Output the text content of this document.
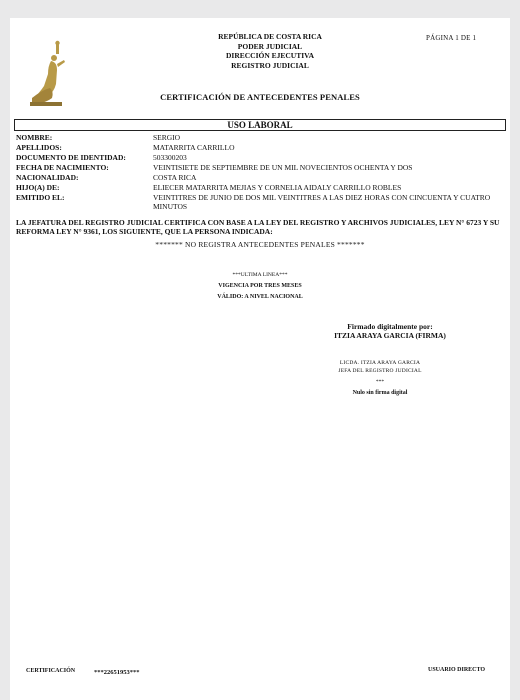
REPÚBLICA DE COSTA RICA
PODER JUDICIAL
DIRECCIÓN EJECUTIVA
REGISTRO JUDICIAL
PÁGINA 1 DE 1
CERTIFICACIÓN DE ANTECEDENTES PENALES
USO LABORAL
NOMBRE:	SERGIO
APELLIDOS:	MATARRITA CARRILLO
DOCUMENTO DE IDENTIDAD:	503300203
FECHA DE NACIMIENTO:	VEINTISIETE DE SEPTIEMBRE DE UN MIL NOVECIENTOS OCHENTA Y DOS
NACIONALIDAD:	COSTA RICA
HIJO(A) DE:	ELIECER MATARRITA MEJIAS Y CORNELIA AIDALY CARRILLO ROBLES
EMITIDO EL:	VEINTITRES DE JUNIO DE DOS MIL VEINTITRES A LAS DIEZ HORAS CON CINCUENTA Y CUATRO MINUTOS
LA JEFATURA DEL REGISTRO JUDICIAL CERTIFICA CON BASE A LA LEY DEL REGISTRO Y ARCHIVOS JUDICIALES, LEY N° 6723 Y SU REFORMA LEY N° 9361, LOS SIGUIENTE, QUE LA PERSONA INDICADA:
******* NO REGISTRA ANTECEDENTES PENALES *******
***ULTIMA LINEA***
VIGENCIA POR TRES MESES
VÁLIDO: A NIVEL NACIONAL
Firmado digitalmente por:
ITZIA ARAYA GARCIA (FIRMA)
LICDA. ITZIA ARAYA GARCIA
JEFA DEL REGISTRO JUDICIAL
***
Nulo sin firma digital
CERTIFICACIÓN	***22651953***	USUARIO DIRECTO
